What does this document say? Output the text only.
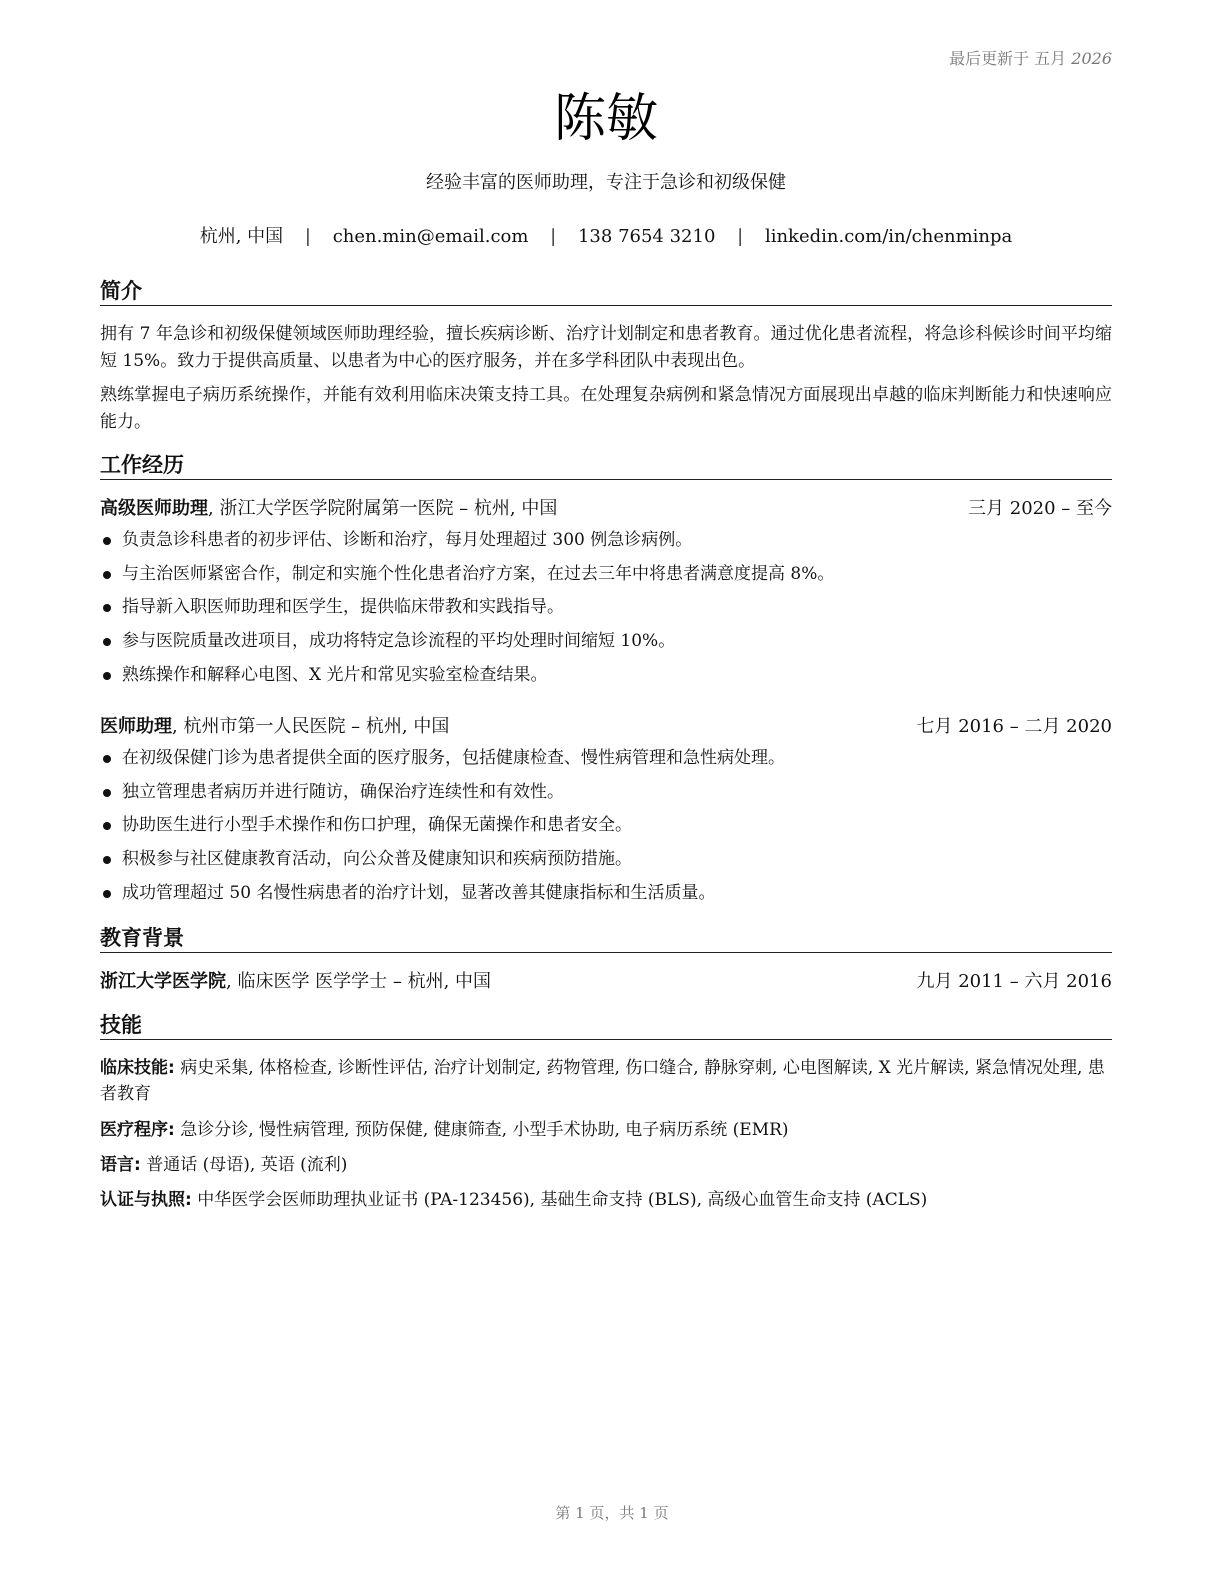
最后更新于 五月 2026
陈敏
经验丰富的医师助理，专注于急诊和初级保健
杭州, 中国 | chen.min@email.com | 138 7654 3210 | linkedin.com/in/chenminpa
简介

拥有 7 年急诊和初级保健领域医师助理经验，擅长疾病诊断、治疗计划制定和患者教育。通过优化患者流程，将急诊科候诊时间平均缩短 15%。致力于提供高质量、以患者为中心的医疗服务，并在多学科团队中表现出色。

熟练掌握电子病历系统操作，并能有效利用临床决策支持工具。在处理复杂病例和紧急情况方面展现出卓越的临床判断能力和快速响应能力。

工作经历
高级医师助理, 浙江大学医学院附属第一医院 – 杭州, 中国	三月 2020 – 至今
负责急诊科患者的初步评估、诊断和治疗，每月处理超过 300 例急诊病例。
与主治医师紧密合作，制定和实施个性化患者治疗方案，在过去三年中将患者满意度提高 8%。
指导新入职医师助理和医学生，提供临床带教和实践指导。
参与医院质量改进项目，成功将特定急诊流程的平均处理时间缩短 10%。
熟练操作和解释心电图、X 光片和常见实验室检查结果。
医师助理, 杭州市第一人民医院 – 杭州, 中国	七月 2016 – 二月 2020
在初级保健门诊为患者提供全面的医疗服务，包括健康检查、慢性病管理和急性病处理。
独立管理患者病历并进行随访，确保治疗连续性和有效性。
协助医生进行小型手术操作和伤口护理，确保无菌操作和患者安全。
积极参与社区健康教育活动，向公众普及健康知识和疾病预防措施。
成功管理超过 50 名慢性病患者的治疗计划，显著改善其健康指标和生活质量。
教育背景
浙江大学医学院, 临床医学 医学学士 – 杭州, 中国	九月 2011 – 六月 2016
技能

临床技能: 病史采集, 体格检查, 诊断性评估, 治疗计划制定, 药物管理, 伤口缝合, 静脉穿刺, 心电图解读, X 光片解读, 紧急情况处理, 患者教育

医疗程序: 急诊分诊, 慢性病管理, 预防保健, 健康筛查, 小型手术协助, 电子病历系统 (EMR)

语言: 普通话 (母语), 英语 (流利)

认证与执照: 中华医学会医师助理执业证书 (PA-123456), 基础生命支持 (BLS), 高级心血管生命支持 (ACLS)

第 1 页，共 1 页
